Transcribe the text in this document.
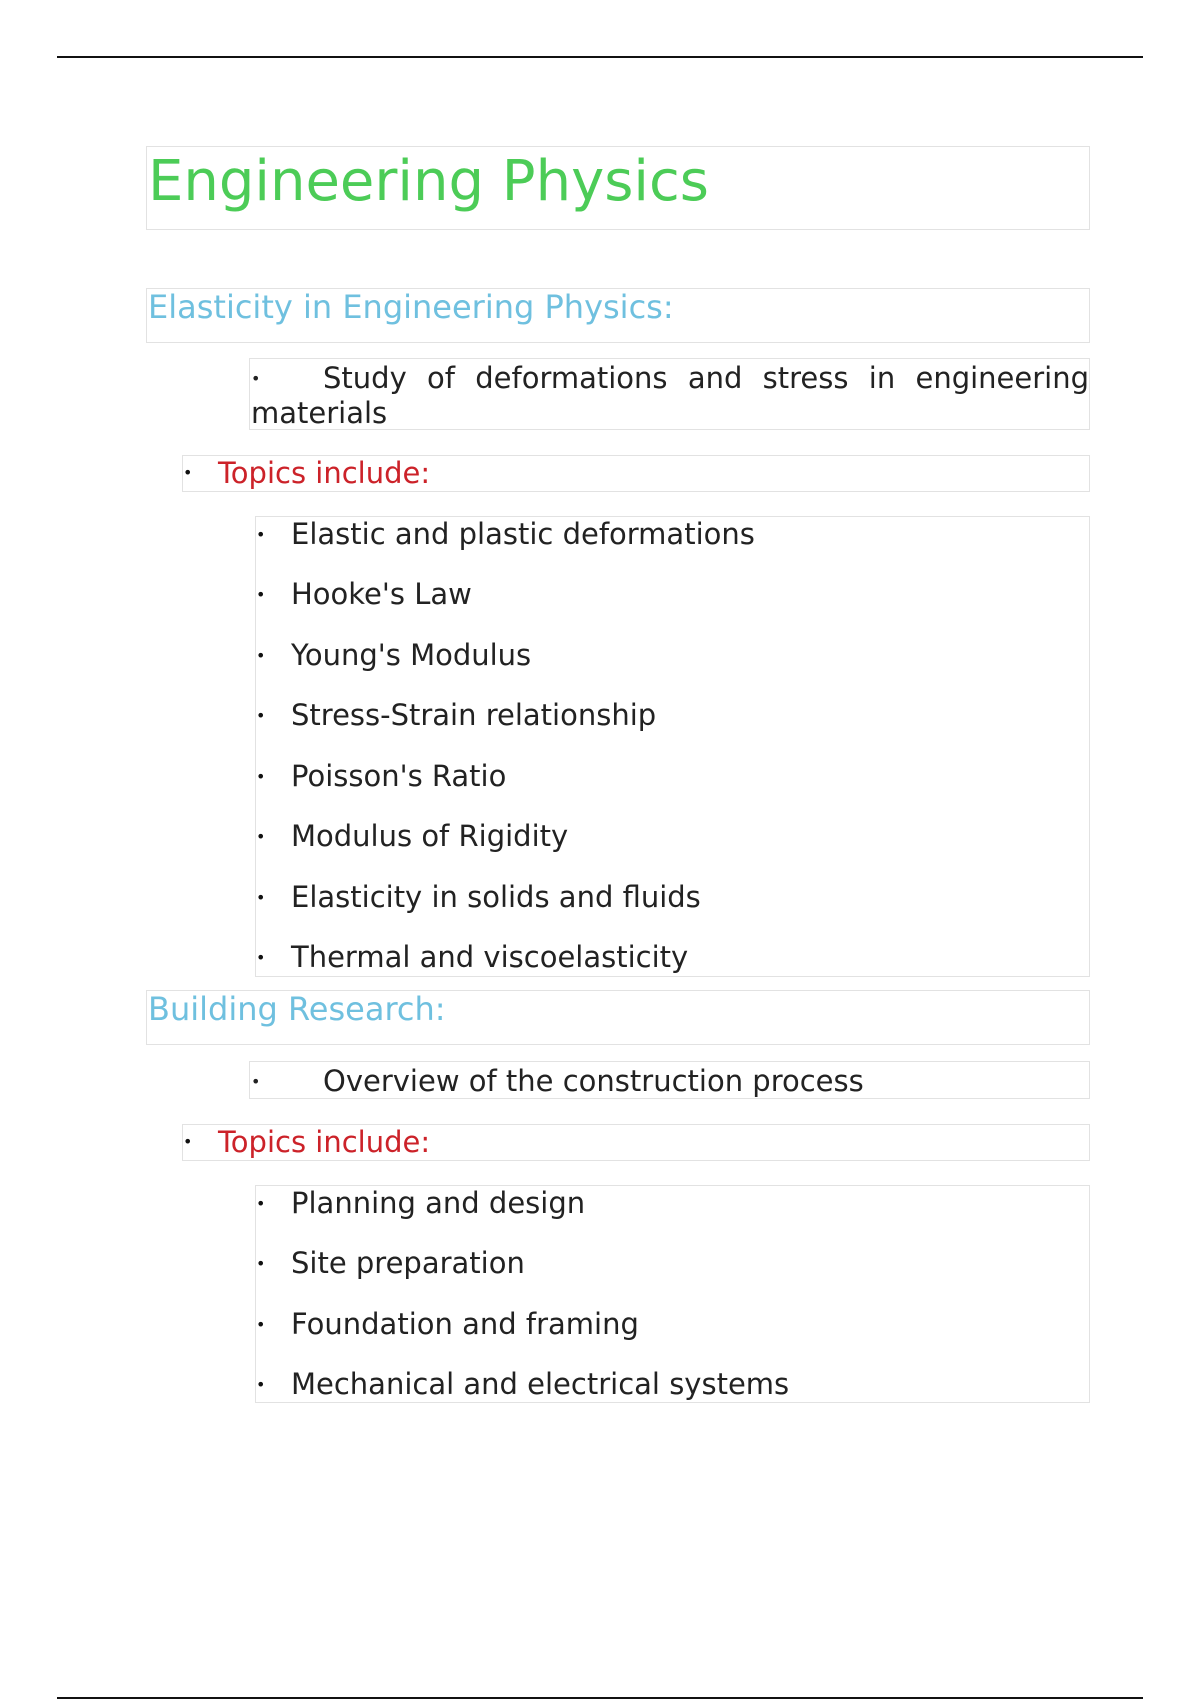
Engineering Physics
Elasticity in Engineering Physics:

• Study of deformations and stress in engineering materials

• Topics include:
• Elastic and plastic deformations
• Hooke's Law
• Young's Modulus
• Stress-Strain relationship
• Poisson's Ratio
• Modulus of Rigidity
• Elasticity in solids and fluids
• Thermal and viscoelasticity
Building Research:

• Overview of the construction process

• Topics include:
• Planning and design
• Site preparation
• Foundation and framing
• Mechanical and electrical systems
